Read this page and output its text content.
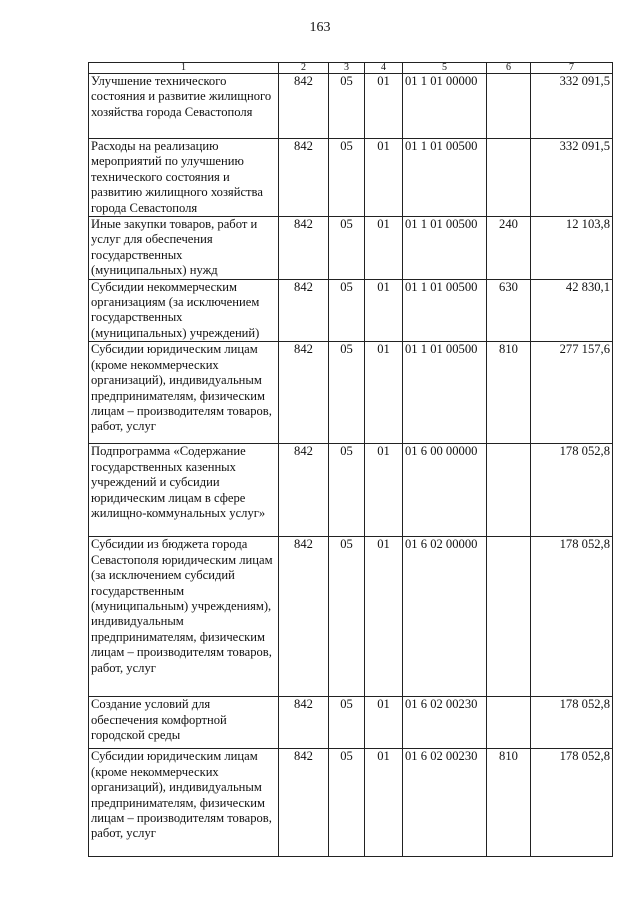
163
1	2	3	4	5	6	7
Улучшение технического состояния и развитие жилищного хозяйства города Севастополя	842	05	01	01 1 01 00000		332 091,5
Расходы на реализацию мероприятий по улучшению технического состояния и развитию жилищного хозяйства города Севастополя	842	05	01	01 1 01 00500		332 091,5
Иные закупки товаров, работ и услуг для обеспечения государственных (муниципальных) нужд	842	05	01	01 1 01 00500	240	12 103,8
Субсидии некоммерческим организациям (за исключением государственных (муниципальных) учреждений)	842	05	01	01 1 01 00500	630	42 830,1
Субсидии юридическим лицам (кроме некоммерческих организаций), индивидуальным предпринимателям, физическим лицам – производителям товаров, работ, услуг	842	05	01	01 1 01 00500	810	277 157,6
Подпрограмма «Содержание государственных казенных учреждений и субсидии юридическим лицам в сфере жилищно-коммунальных услуг»	842	05	01	01 6 00 00000		178 052,8
Субсидии из бюджета города Севастополя юридическим лицам (за исключением субсидий государственным (муниципальным) учреждениям), индивидуальным предпринимателям, физическим лицам – производителям товаров, работ, услуг	842	05	01	01 6 02 00000		178 052,8
Создание условий для обеспечения комфортной городской среды	842	05	01	01 6 02 00230		178 052,8
Субсидии юридическим лицам (кроме некоммерческих организаций), индивидуальным предпринимателям, физическим лицам – производителям товаров, работ, услуг	842	05	01	01 6 02 00230	810	178 052,8
